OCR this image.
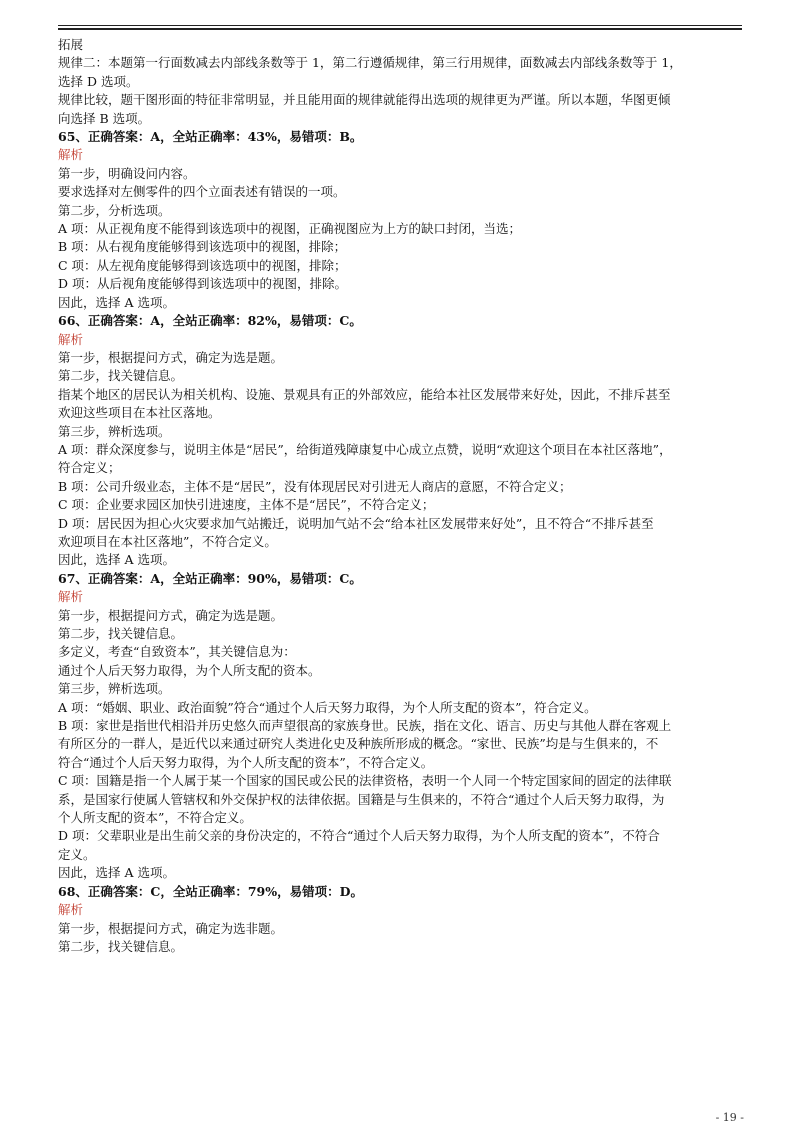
拓展

规律二：本题第一行面数减去内部线条数等于 1，第二行遵循规律，第三行用规律，面数减去内部线条数等于 1，

选择 D 选项。

规律比较，题干图形面的特征非常明显，并且能用面的规律就能得出选项的规律更为严谨。所以本题，华图更倾

向选择 B 选项。

65、正确答案：A，全站正确率：43%，易错项：B。

解析

第一步，明确设问内容。

要求选择对左侧零件的四个立面表述有错误的一项。

第二步，分析选项。

A 项：从正视角度不能得到该选项中的视图，正确视图应为上方的缺口封闭，当选；

B 项：从右视角度能够得到该选项中的视图，排除；

C 项：从左视角度能够得到该选项中的视图，排除；

D 项：从后视角度能够得到该选项中的视图，排除。

因此，选择 A 选项。

66、正确答案：A，全站正确率：82%，易错项：C。

解析

第一步，根据提问方式，确定为选是题。

第二步，找关键信息。

指某个地区的居民认为相关机构、设施、景观具有正的外部效应，能给本社区发展带来好处，因此，不排斥甚至

欢迎这些项目在本社区落地。

第三步，辨析选项。

A 项：群众深度参与，说明主体是“居民”，给街道残障康复中心成立点赞，说明“欢迎这个项目在本社区落地”，

符合定义；

B 项：公司升级业态，主体不是“居民”，没有体现居民对引进无人商店的意愿，不符合定义；

C 项：企业要求园区加快引进速度，主体不是“居民”，不符合定义；

D 项：居民因为担心火灾要求加气站搬迁，说明加气站不会“给本社区发展带来好处”，且不符合“不排斥甚至

欢迎项目在本社区落地”，不符合定义。

因此，选择 A 选项。

67、正确答案：A，全站正确率：90%，易错项：C。

解析

第一步，根据提问方式，确定为选是题。

第二步，找关键信息。

多定义，考查“自致资本”，其关键信息为：

通过个人后天努力取得，为个人所支配的资本。

第三步，辨析选项。

A 项：“婚姻、职业、政治面貌”符合“通过个人后天努力取得，为个人所支配的资本”，符合定义。

B 项：家世是指世代相沿并历史悠久而声望很高的家族身世。民族，指在文化、语言、历史与其他人群在客观上

有所区分的一群人，是近代以来通过研究人类进化史及种族所形成的概念。“家世、民族”均是与生俱来的，不

符合“通过个人后天努力取得，为个人所支配的资本”，不符合定义。

C 项：国籍是指一个人属于某一个国家的国民或公民的法律资格，表明一个人同一个特定国家间的固定的法律联

系，是国家行使属人管辖权和外交保护权的法律依据。国籍是与生俱来的，不符合“通过个人后天努力取得，为

个人所支配的资本”，不符合定义。

D 项：父辈职业是出生前父亲的身份决定的，不符合“通过个人后天努力取得，为个人所支配的资本”，不符合

定义。

因此，选择 A 选项。

68、正确答案：C，全站正确率：79%，易错项：D。

解析

第一步，根据提问方式，确定为选非题。

第二步，找关键信息。

- 19 -
